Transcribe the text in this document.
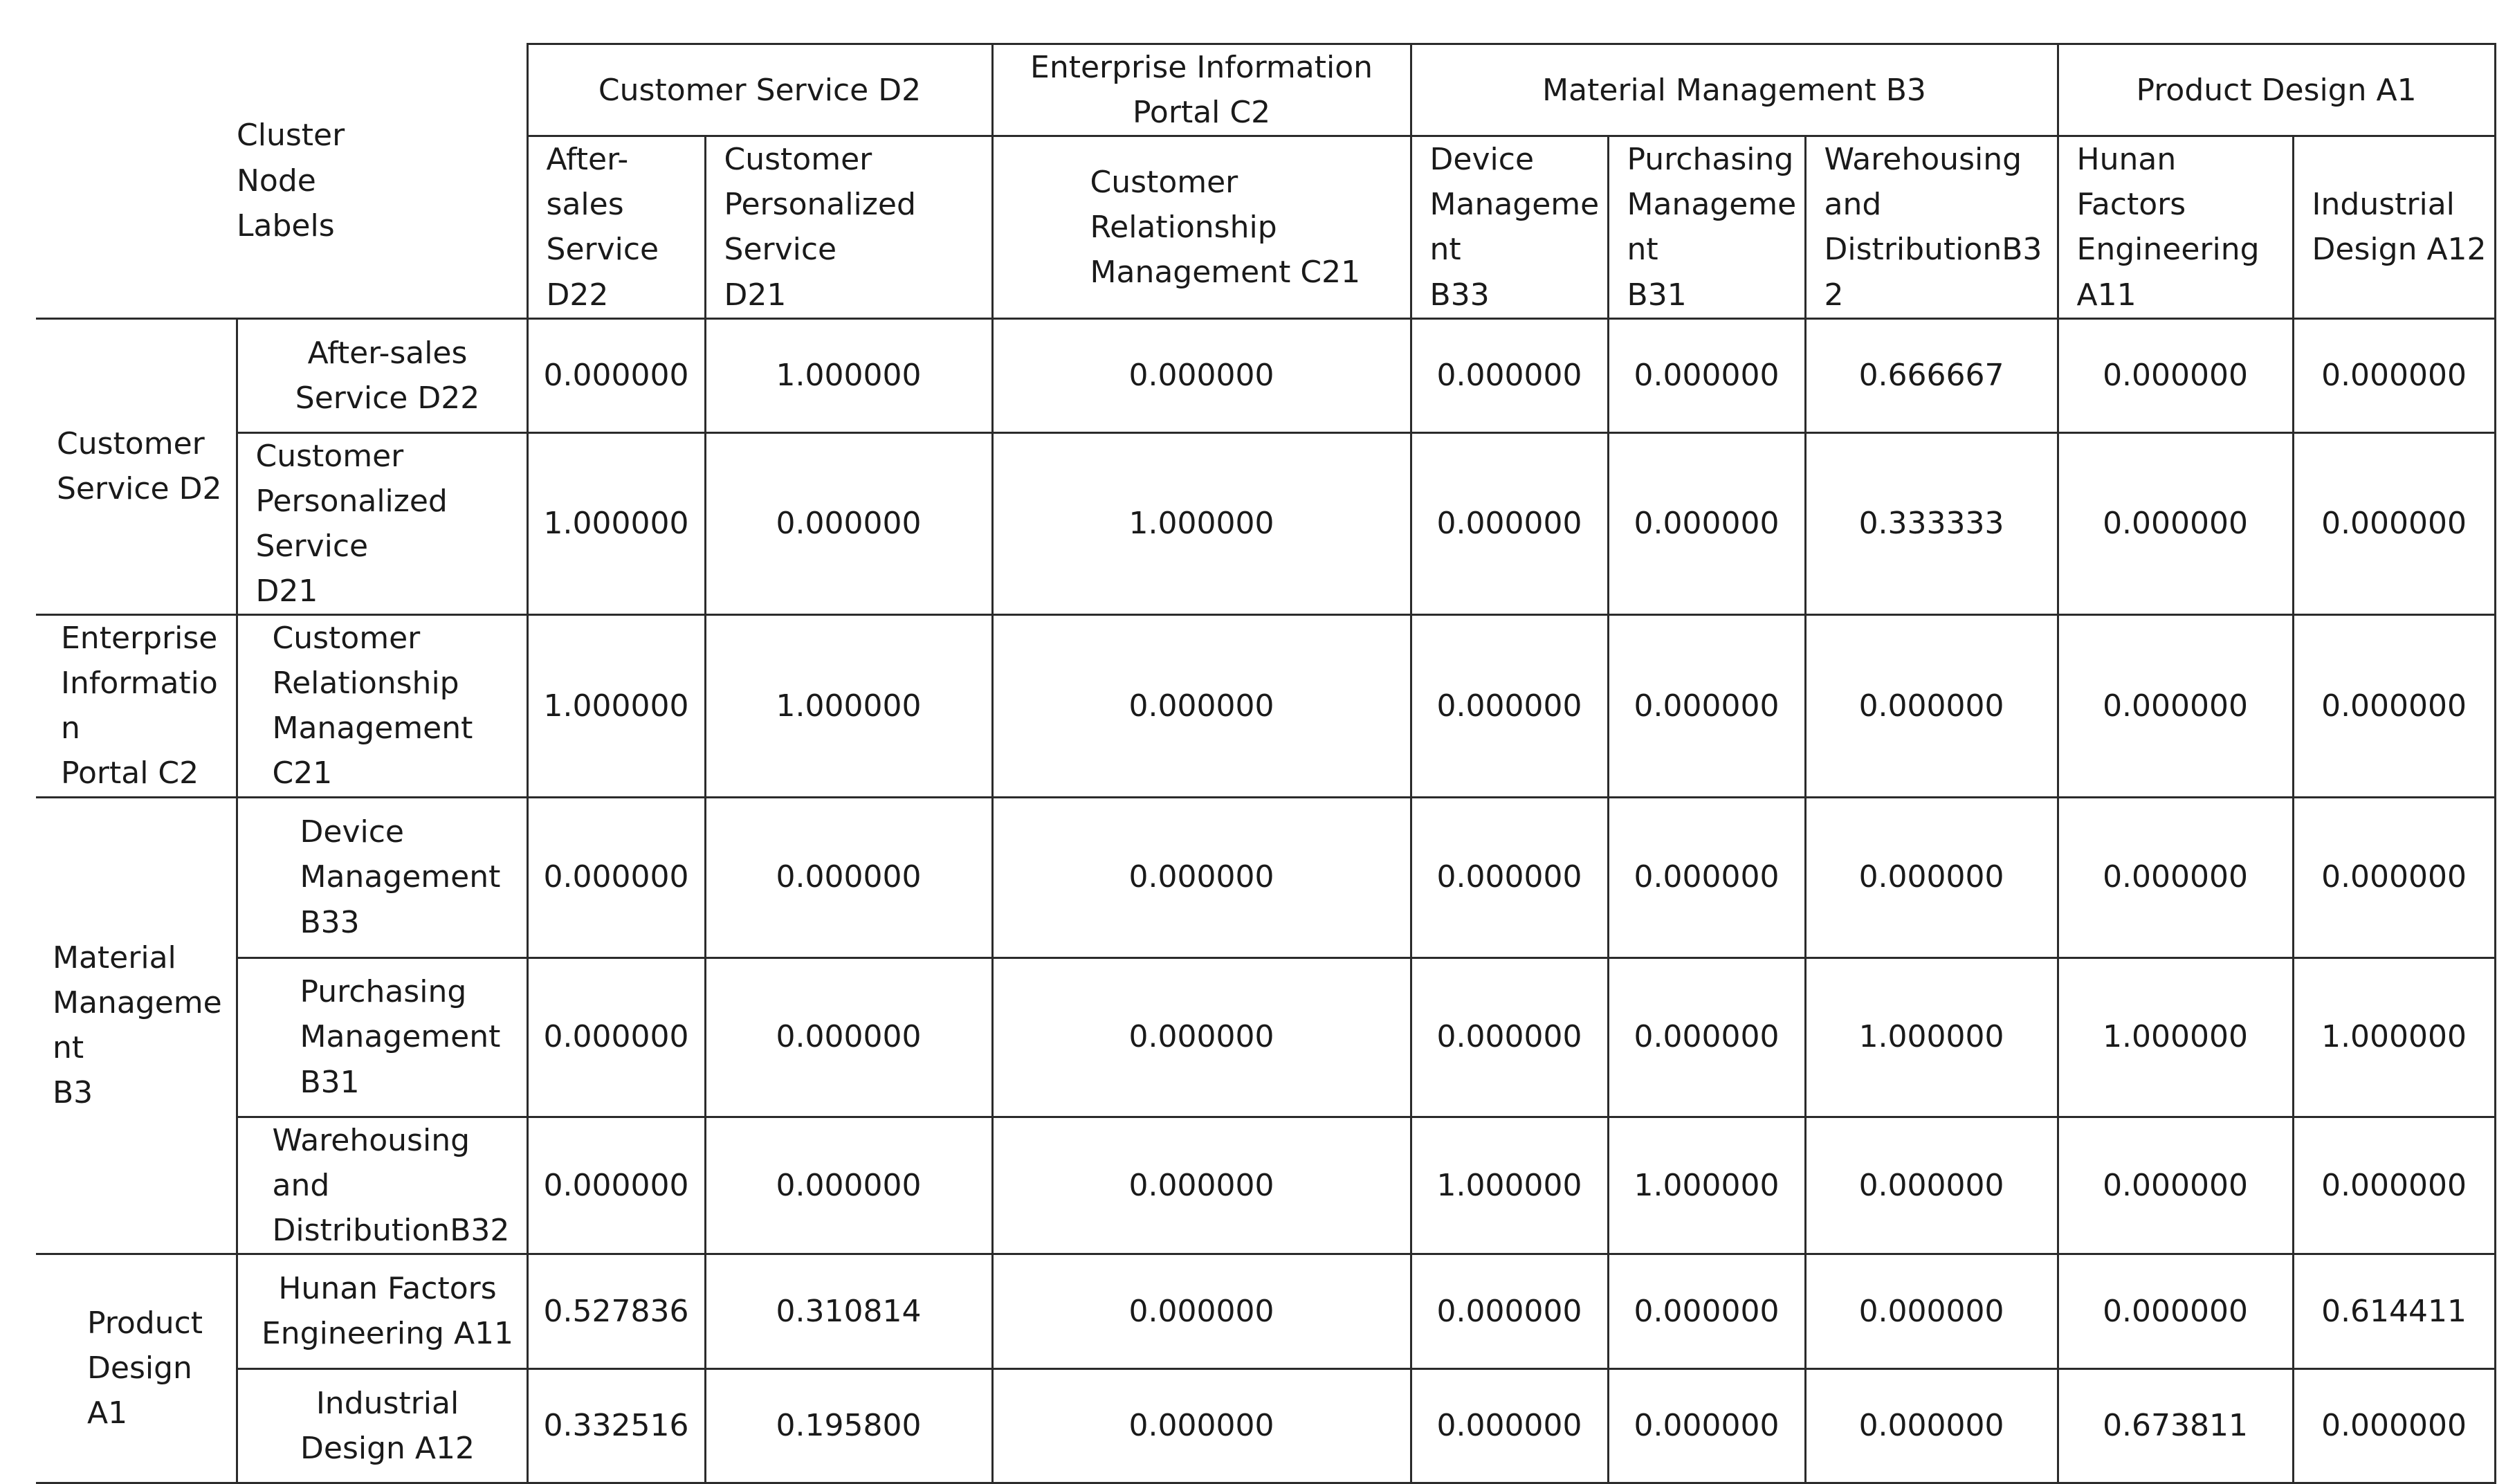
Cluster
Node
Labels		Customer Service D2		Enterprise Information Portal C2	Material Management B3			Product Design A1	

		After-sales
Service D22	Customer
Personalized Service
D21	Customer
Relationship
Management C21	Device
Management
B33	Purchasing
Management
B31	Warehousing and
DistributionB32	Hunan Factors
Engineering A11	Industrial
Design A12

Customer
Service D2	After-sales
Service D22	0.000000	1.000000	0.000000	0.000000	0.000000	0.666667	0.000000	0.000000

	Customer
Personalized Service
D21	1.000000	0.000000	1.000000	0.000000	0.000000	0.333333	0.000000	0.000000

Enterprise
Information
Portal C2	Customer
Relationship
Management C21	1.000000	1.000000	0.000000	0.000000	0.000000	0.000000	0.000000	0.000000

Material
Management
B3	Device
Management
B33	0.000000	0.000000	0.000000	0.000000	0.000000	0.000000	0.000000	0.000000

	Purchasing
Management
B31	0.000000	0.000000	0.000000	0.000000	0.000000	1.000000	1.000000	1.000000

	Warehousing and
DistributionB32	0.000000	0.000000	0.000000	1.000000	1.000000	0.000000	0.000000	0.000000

Product
Design
A1	Hunan Factors
Engineering A11	0.527836	0.310814	0.000000	0.000000	0.000000	0.000000	0.000000	0.614411

	Industrial
Design A12	0.332516	0.195800	0.000000	0.000000	0.000000	0.000000	0.673811	0.000000
